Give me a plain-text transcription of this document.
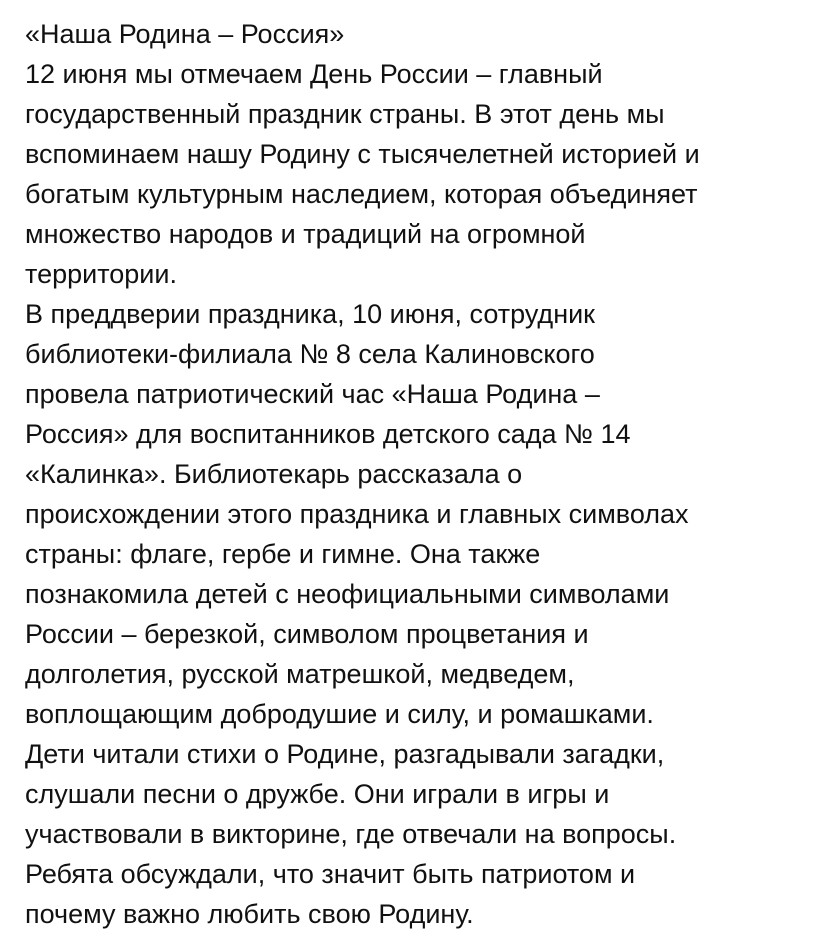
«Наша Родина – Россия»
12 июня мы отмечаем День России – главный
государственный праздник страны. В этот день мы
вспоминаем нашу Родину с тысячелетней историей и
богатым культурным наследием, которая объединяет
множество народов и традиций на огромной
территории.
В преддверии праздника, 10 июня, сотрудник
библиотеки-филиала № 8 села Калиновского
провела патриотический час «Наша Родина –
Россия» для воспитанников детского сада № 14
«Калинка». Библиотекарь рассказала о
происхождении этого праздника и главных символах
страны: флаге, гербе и гимне. Она также
познакомила детей с неофициальными символами
России – березкой, символом процветания и
долголетия, русской матрешкой, медведем,
воплощающим добродушие и силу, и ромашками.
Дети читали стихи о Родине, разгадывали загадки,
слушали песни о дружбе. Они играли в игры и
участвовали в викторине, где отвечали на вопросы.
Ребята обсуждали, что значит быть патриотом и
почему важно любить свою Родину.
